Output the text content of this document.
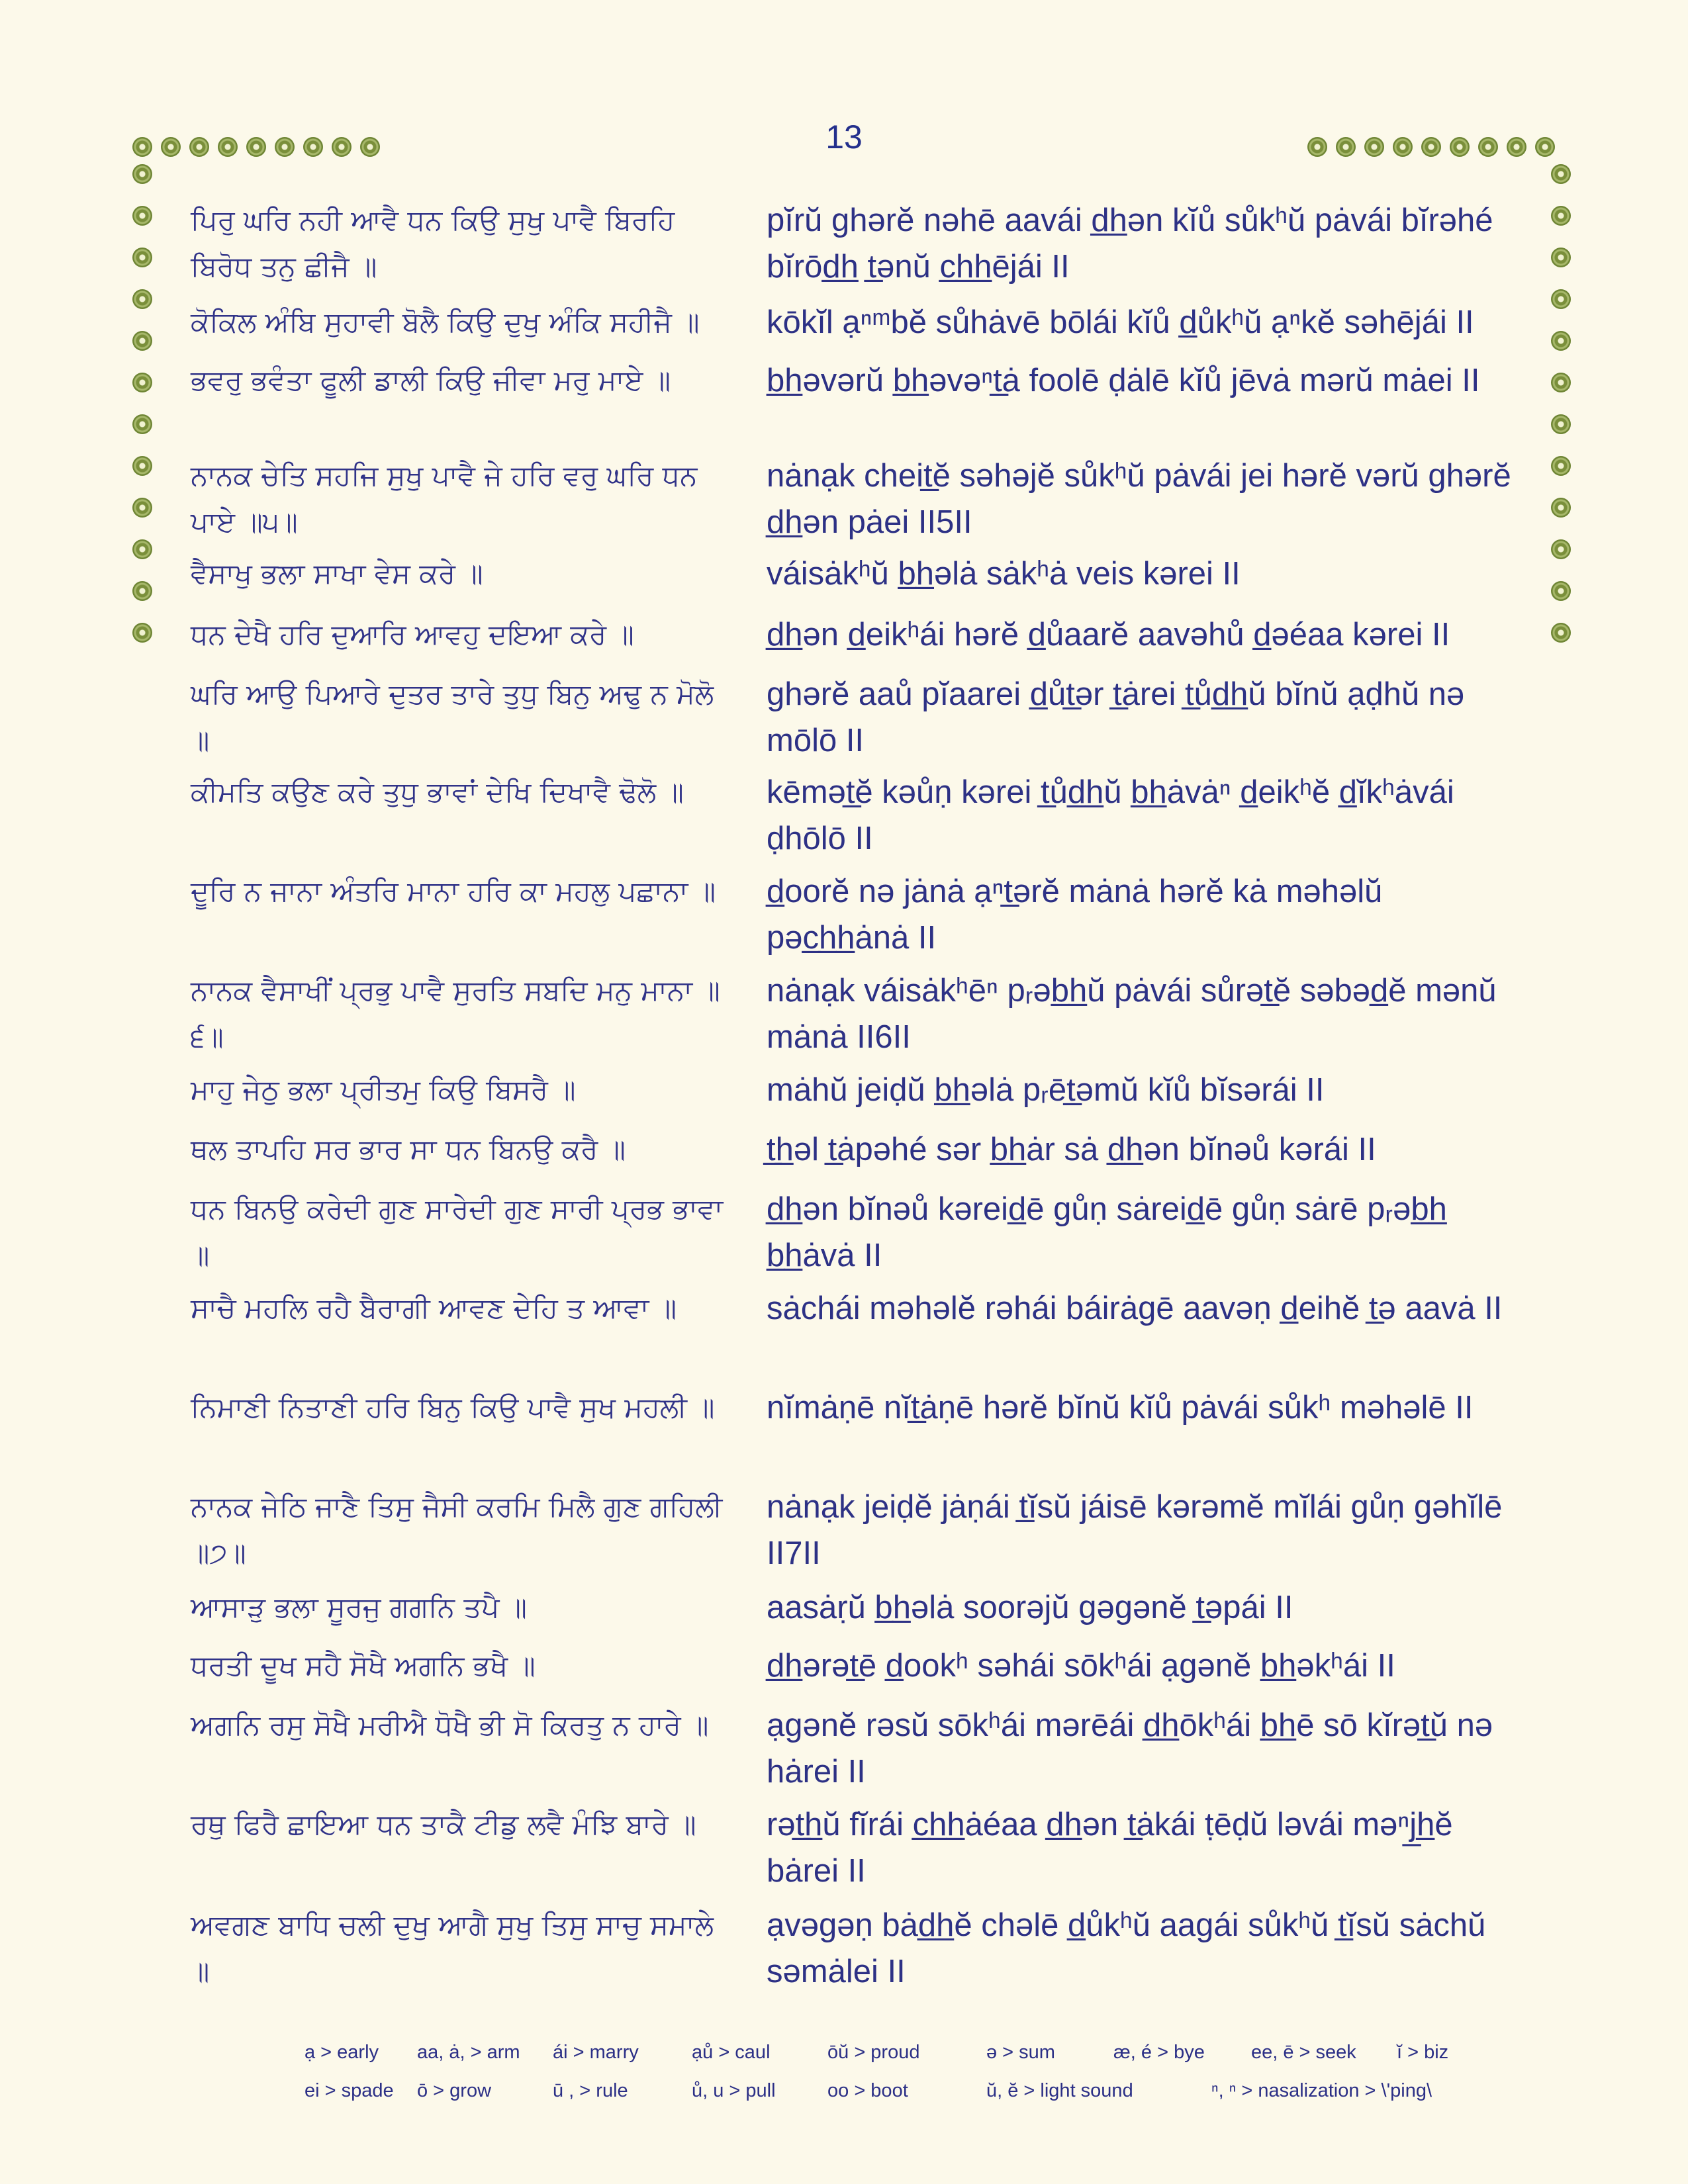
13
ਪਿਰੁ ਘਰਿ ਨਹੀ ਆਵੈ ਧਨ ਕਿਉ ਸੁਖੁ ਪਾਵੈ ਬਿਰਹਿ ਬਿਰੋਧ ਤਨੁ ਛੀਜੈ ॥
pĭrŭ ghərĕ nəhē aavái d̲h̲ən kĭů sůkʰŭ pȧvái bĭrəhé bĭrōd̲h̲ t̲ənŭ c̲h̲h̲ējái II
ਕੋਕਿਲ ਅੰਬਿ ਸੁਹਾਵੀ ਬੋਲੈ ਕਿਉ ਦੁਖੁ ਅੰਕਿ ਸਹੀਜੈ ॥	kōkĭl ạⁿᵐbĕ sůhȧvē bōlái kĭů d̲ůkʰŭ ạⁿkĕ səhējái II
ਭਵਰੁ ਭਵੰਤਾ ਫੂਲੀ ਡਾਲੀ ਕਿਉ ਜੀਵਾ ਮਰੁ ਮਾਏ ॥	b̲h̲əvərŭ b̲h̲əvəⁿt̲ȧ foolē ḍȧlē kĭů jēvȧ mərŭ mȧei II
ਨਾਨਕ ਚੇਤਿ ਸਹਜਿ ਸੁਖੁ ਪਾਵੈ ਜੇ ਹਰਿ ਵਰੁ ਘਰਿ ਧਨ ਪਾਏ ॥੫॥
nȧnạk cheit̲ĕ səhəjĕ sůkʰŭ pȧvái jei hərĕ vərŭ ghərĕ d̲h̲ən pȧei II5II
ਵੈਸਾਖੁ ਭਲਾ ਸਾਖਾ ਵੇਸ ਕਰੇ ॥	váisȧkʰŭ b̲h̲əlȧ sȧkʰȧ veis kərei II
ਧਨ ਦੇਖੈ ਹਰਿ ਦੁਆਰਿ ਆਵਹੁ ਦਇਆ ਕਰੇ ॥	d̲h̲ən d̲eikʰái hərĕ d̲ůaarĕ aavəhů d̲əéaa kərei II
ਘਰਿ ਆਉ ਪਿਆਰੇ ਦੁਤਰ ਤਾਰੇ ਤੁਧੁ ਬਿਨੁ ਅਢੁ ਨ ਮੋਲੋ ॥
ghərĕ aaů pĭaarei d̲ůt̲ər t̲ȧrei t̲ůd̲h̲ŭ bĭnŭ ạḍhŭ nə mōlō II
ਕੀਮਤਿ ਕਉਣ ਕਰੇ ਤੁਧੁ ਭਾਵਾਂ ਦੇਖਿ ਦਿਖਾਵੈ ਢੋਲੋ ॥	kēmət̲ĕ kəůṇ kərei t̲ůd̲h̲ŭ b̲h̲ȧvȧⁿ d̲eikʰĕ d̲ĭkʰȧvái ḍhōlō II
ਦੂਰਿ ਨ ਜਾਨਾ ਅੰਤਰਿ ਮਾਨਾ ਹਰਿ ਕਾ ਮਹਲੁ ਪਛਾਨਾ ॥	d̲oorĕ nə jȧnȧ ạⁿt̲ərĕ mȧnȧ hərĕ kȧ məhəlŭ pəc̲h̲h̲ȧnȧ II
ਨਾਨਕ ਵੈਸਾਖੀਂ ਪ੍ਰਭੁ ਪਾਵੈ ਸੁਰਤਿ ਸਬਦਿ ਮਨੁ ਮਾਨਾ ॥੬॥
nȧnạk váisȧkʰēⁿ pᵣəb̲h̲ŭ pȧvái sůrət̲ĕ səbəd̲ĕ mənŭ mȧnȧ II6II
ਮਾਹੁ ਜੇਠੁ ਭਲਾ ਪ੍ਰੀਤਮੁ ਕਿਉ ਬਿਸਰੈ ॥	mȧhŭ jeiḍŭ b̲h̲əlȧ pᵣēt̲əmŭ kĭů bĭsərái II
ਥਲ ਤਾਪਹਿ ਸਰ ਭਾਰ ਸਾ ਧਨ ਬਿਨਉ ਕਰੈ ॥	t̲h̲əl t̲ȧpəhé sər b̲h̲ȧr sȧ d̲h̲ən bĭnəů kərái II
ਧਨ ਬਿਨਉ ਕਰੇਦੀ ਗੁਣ ਸਾਰੇਦੀ ਗੁਣ ਸਾਰੀ ਪ੍ਰਭ ਭਾਵਾ ॥
d̲h̲ən bĭnəů kəreid̲ē gůṇ sȧreid̲ē gůṇ sȧrē pᵣəb̲h̲ b̲h̲ȧvȧ II
ਸਾਚੈ ਮਹਲਿ ਰਹੈ ਬੈਰਾਗੀ ਆਵਣ ਦੇਹਿ ਤ ਆਵਾ ॥	sȧchái məhəlĕ rəhái báirȧgē aavəṇ d̲eihĕ t̲ə aavȧ II
ਨਿਮਾਣੀ ਨਿਤਾਣੀ ਹਰਿ ਬਿਨੁ ਕਿਉ ਪਾਵੈ ਸੁਖ ਮਹਲੀ ॥	nĭmȧṇē nĭt̲ȧṇē hərĕ bĭnŭ kĭů pȧvái sůkʰ məhəlē II
ਨਾਨਕ ਜੇਠਿ ਜਾਣੈ ਤਿਸੁ ਜੈਸੀ ਕਰਮਿ ਮਿਲੈ ਗੁਣ ਗਹਿਲੀ ॥੭॥
nȧnạk jeiḍĕ jȧṇái t̲ĭsŭ jáisē kərəmĕ mĭlái gůṇ gəhĭlē II7II
ਆਸਾੜੁ ਭਲਾ ਸੂਰਜੁ ਗਗਨਿ ਤਪੈ ॥	aasȧṛŭ b̲h̲əlȧ soorəjŭ gəgənĕ t̲əpái II
ਧਰਤੀ ਦੂਖ ਸਹੈ ਸੋਖੈ ਅਗਨਿ ਭਖੈ ॥	d̲h̲ərət̲ē d̲ookʰ səhái sōkʰái ạgənĕ b̲h̲əkʰái II
ਅਗਨਿ ਰਸੁ ਸੋਖੈ ਮਰੀਐ ਧੋਖੈ ਭੀ ਸੋ ਕਿਰਤੁ ਨ ਹਾਰੇ ॥	ạgənĕ rəsŭ sōkʰái mərēái d̲h̲ōkʰái b̲h̲ē sō kĭrət̲ŭ nə hȧrei II
ਰਥੁ ਫਿਰੈ ਛਾਇਆ ਧਨ ਤਾਕੈ ਟੀਡੁ ਲਵੈ ਮੰਝਿ ਬਾਰੇ ॥	rət̲h̲ŭ fĭrái c̲h̲h̲ȧéaa d̲h̲ən t̲ȧkái ṭēḍŭ ləvái məⁿj̲h̲ĕ bȧrei II
ਅਵਗਣ ਬਾਧਿ ਚਲੀ ਦੁਖੁ ਆਗੈ ਸੁਖੁ ਤਿਸੁ ਸਾਚੁ ਸਮਾਲੇ ॥
ạvəgəṇ bȧd̲h̲ĕ chəlē d̲ůkʰŭ aagái sůkʰŭ t̲ĭsŭ sȧchŭ səmȧlei II
ạ > early aa, ȧ, > arm ái > marry	ạů > caul	ōŭ > proud	ə > sum	æ, é > bye ee, ē > seek ĭ > biz
ei > spade ō > grow	ū , > rule	ů, u > pull	oo > boot	ŭ, ĕ > light sound	ⁿ, ⁿ > nasalization > \'ping\
